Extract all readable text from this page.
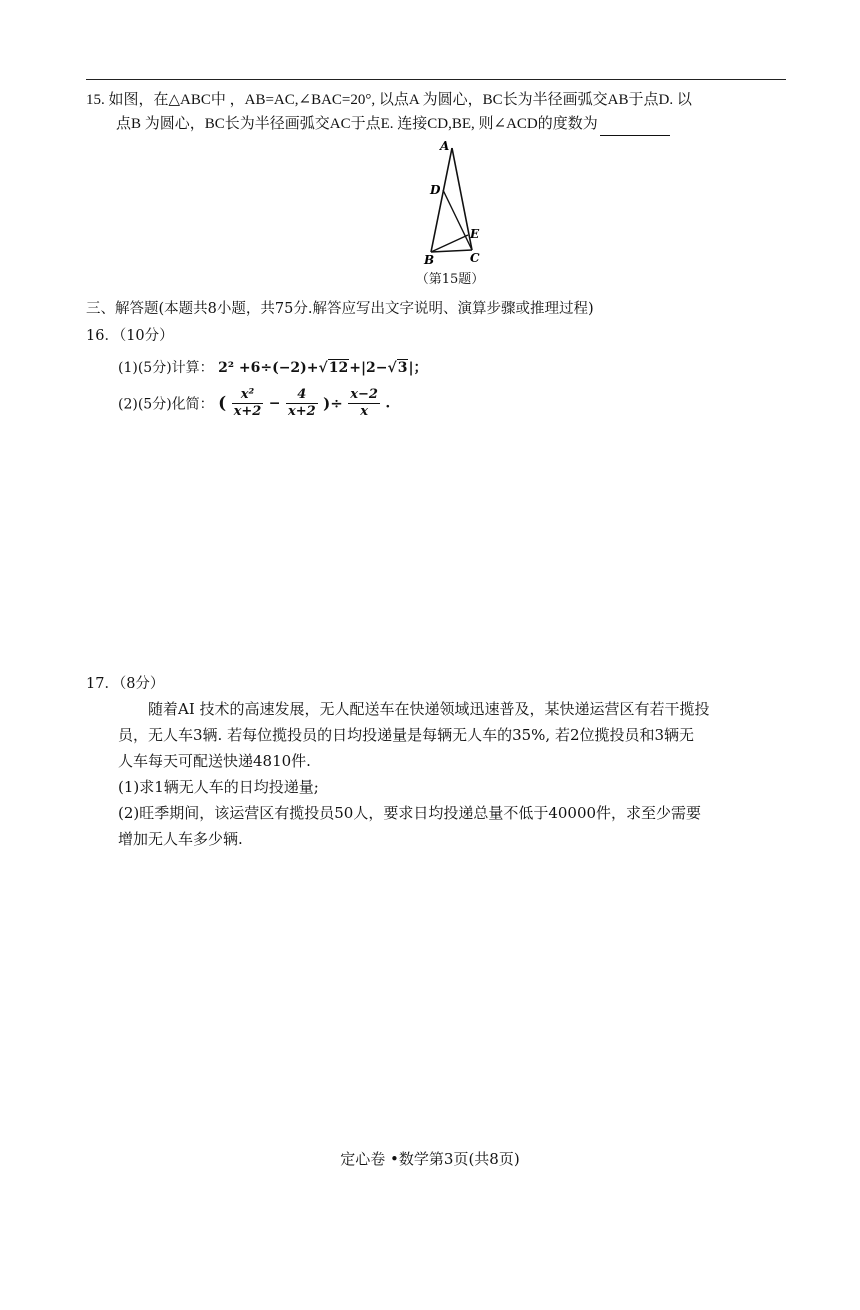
15. 如图，在△ABC中 ，AB=AC,∠BAC=20°, 以点A 为圆心，BC长为半径画弧交AB于点D. 以
点B 为圆心，BC长为半径画弧交AC于点E. 连接CD,BE, 则∠ACD的度数为
A
D
E
B	C
（第15题）
三、解答题(本题共8小题，共75分.解答应写出文字说明、演算步骤或推理过程)
16．（10分）
(1)(5分)计算： 2² +6÷(−2)+√12+|2−√3|；
(2)(5分)化简： ( $\frac{\text{x²}}{x+2} - \frac{4}{x+2}$ )÷ $\frac{x-2}{x}$ .
17．（8分）

随着AI 技术的高速发展，无人配送车在快递领域迅速普及，某快递运营区有若干揽投

员，无人车3辆. 若每位揽投员的日均投递量是每辆无人车的35%, 若2位揽投员和3辆无

人车每天可配送快递4810件.

(1)求1辆无人车的日均投递量;

(2)旺季期间，该运营区有揽投员50人，要求日均投递总量不低于40000件，求至少需要

增加无人车多少辆.

定心卷 •数学第3页(共8页)
